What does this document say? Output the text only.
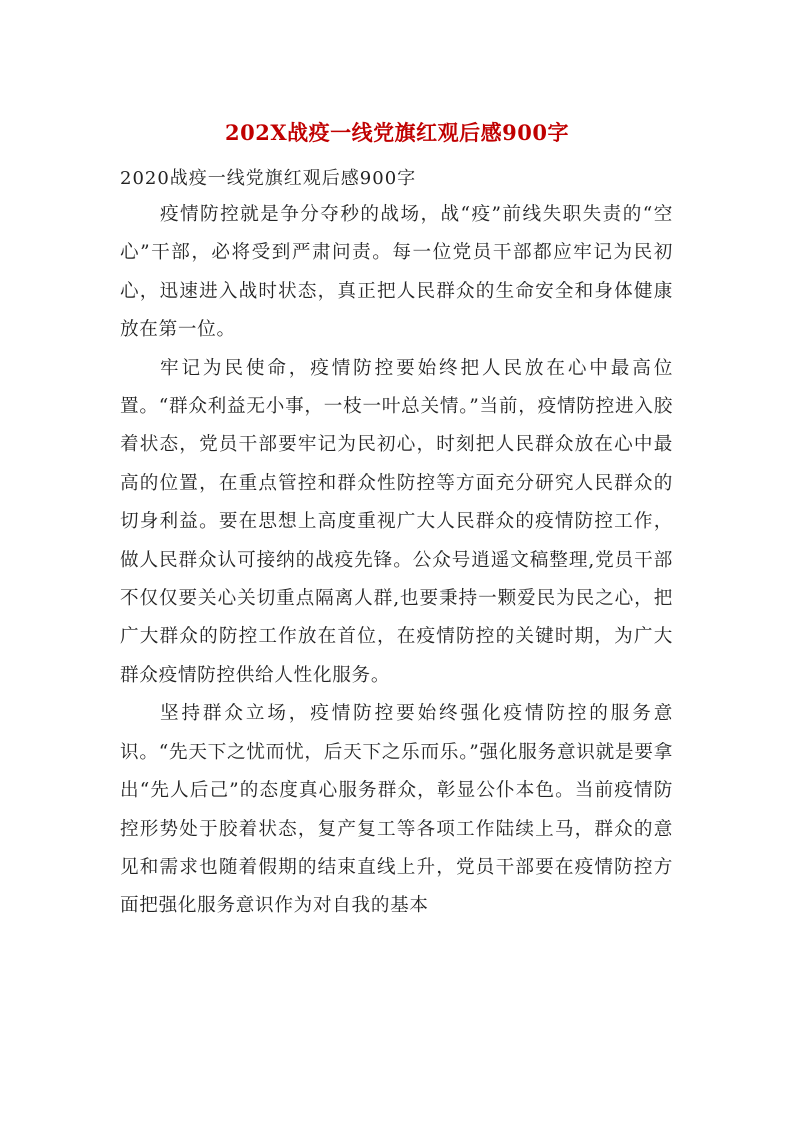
202X战疫一线党旗红观后感900字
2020战疫一线党旗红观后感900字

疫情防控就是争分夺秒的战场，战“疫”前线失职失责的“空心”干部，必将受到严肃问责。每一位党员干部都应牢记为民初心，迅速进入战时状态，真正把人民群众的生命安全和身体健康放在第一位。

牢记为民使命，疫情防控要始终把人民放在心中最高位置。“群众利益无小事，一枝一叶总关情。”当前，疫情防控进入胶着状态，党员干部要牢记为民初心，时刻把人民群众放在心中最高的位置，在重点管控和群众性防控等方面充分研究人民群众的切身利益。要在思想上高度重视广大人民群众的疫情防控工作，做人民群众认可接纳的战疫先锋。公众号逍遥文稿整理,党员干部不仅仅要关心关切重点隔离人群,也要秉持一颗爱民为民之心，把广大群众的防控工作放在首位，在疫情防控的关键时期，为广大群众疫情防控供给人性化服务。

坚持群众立场，疫情防控要始终强化疫情防控的服务意识。“先天下之忧而忧，后天下之乐而乐。”强化服务意识就是要拿出“先人后己”的态度真心服务群众，彰显公仆本色。当前疫情防控形势处于胶着状态，复产复工等各项工作陆续上马，群众的意见和需求也随着假期的结束直线上升，党员干部要在疫情防控方面把强化服务意识作为对自我的基本
